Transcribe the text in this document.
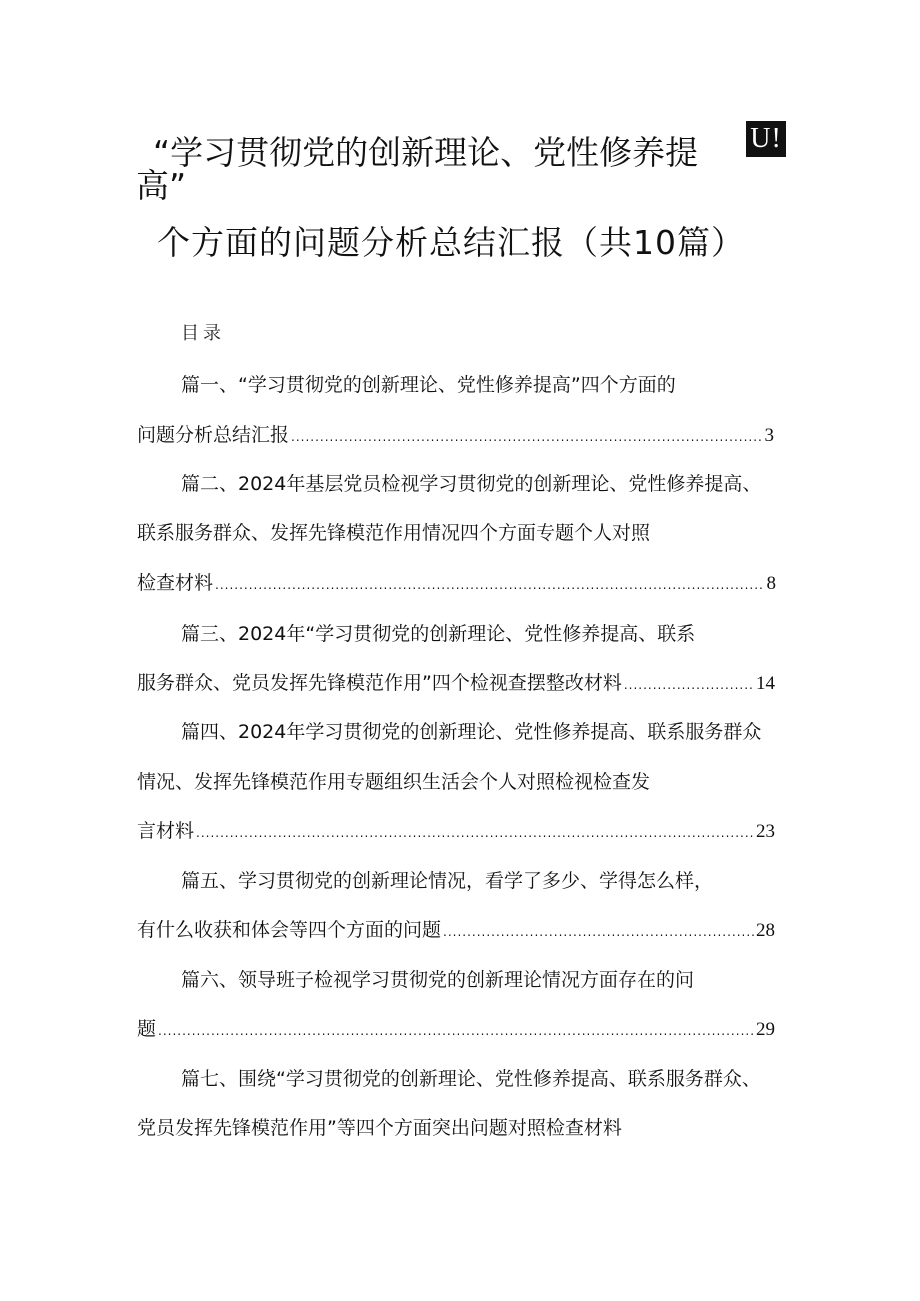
U!
“学习贯彻党的创新理论、党性修养提
高”
个方面的问题分析总结汇报（共10篇）
目录
篇一、“学习贯彻党的创新理论、党性修养提高”四个方面的
问题分析总结汇报 .....	3
篇二、2024年基层党员检视学习贯彻党的创新理论、党性修养提高、
联系服务群众、发挥先锋模范作用情况四个方面专题个人对照
检查材料 .....	8
篇三、2024年“学习贯彻党的创新理论、党性修养提高、联系
服务群众、党员发挥先锋模范作用”四个检视查摆整改材料 .....	14
篇四、2024年学习贯彻党的创新理论、党性修养提高、联系服务群众
情况、发挥先锋模范作用专题组织生活会个人对照检视检查发
言材料 .....	23
篇五、学习贯彻党的创新理论情况，看学了多少、学得怎么样，
有什么收获和体会等四个方面的问题 .....	28
篇六、领导班子检视学习贯彻党的创新理论情况方面存在的问
题 .....	29
篇七、围绕“学习贯彻党的创新理论、党性修养提高、联系服务群众、
党员发挥先锋模范作用”等四个方面突出问题对照检查材料
